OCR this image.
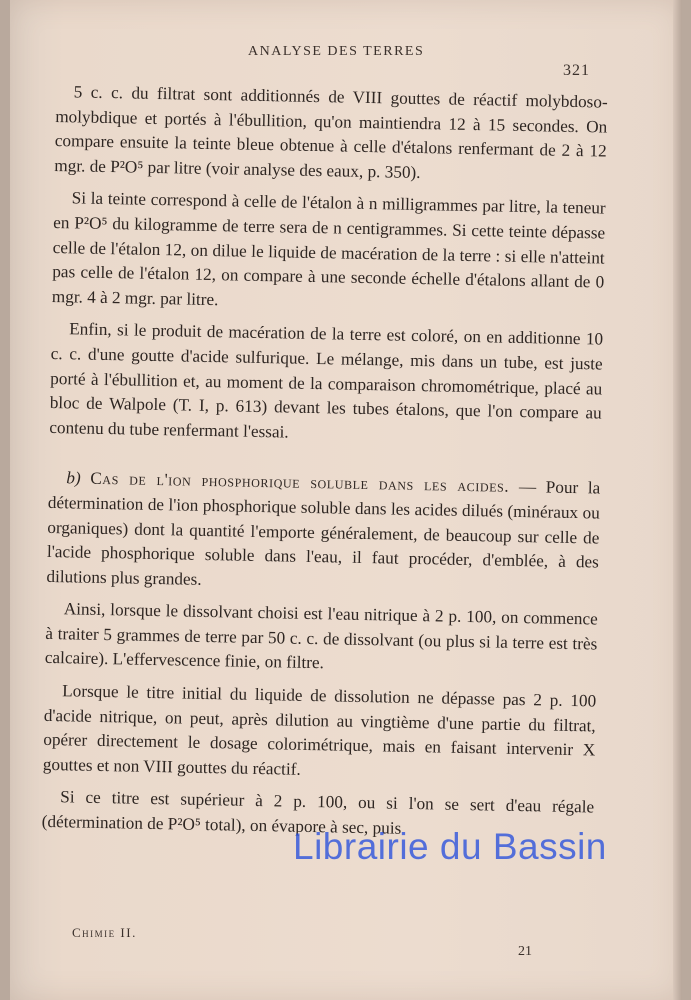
ANALYSE DES TERRES
321

5 c. c. du filtrat sont additionnés de VIII gouttes de réactif molybdoso-molybdique et portés à l'ébullition, qu'on maintiendra 12 à 15 secondes. On compare ensuite la teinte bleue obtenue à celle d'étalons renfermant de 2 à 12 mgr. de P²O⁵ par litre (voir analyse des eaux, p. 350).

Si la teinte correspond à celle de l'étalon à n milligrammes par litre, la teneur en P²O⁵ du kilogramme de terre sera de n centigrammes. Si cette teinte dépasse celle de l'étalon 12, on dilue le liquide de macération de la terre : si elle n'atteint pas celle de l'étalon 12, on compare à une seconde échelle d'étalons allant de 0 mgr. 4 à 2 mgr. par litre.

Enfin, si le produit de macération de la terre est coloré, on en additionne 10 c. c. d'une goutte d'acide sulfurique. Le mélange, mis dans un tube, est juste porté à l'ébullition et, au moment de la comparaison chromométrique, placé au bloc de Walpole (T. I, p. 613) devant les tubes étalons, que l'on compare au contenu du tube renfermant l'essai.

b) Cas de l'ion phosphorique soluble dans les acides. — Pour la détermination de l'ion phosphorique soluble dans les acides dilués (minéraux ou organiques) dont la quantité l'emporte généralement, de beaucoup sur celle de l'acide phosphorique soluble dans l'eau, il faut procéder, d'emblée, à des dilutions plus grandes.

Ainsi, lorsque le dissolvant choisi est l'eau nitrique à 2 p. 100, on commence à traiter 5 grammes de terre par 50 c. c. de dissolvant (ou plus si la terre est très calcaire). L'effervescence finie, on filtre.

Lorsque le titre initial du liquide de dissolution ne dépasse pas 2 p. 100 d'acide nitrique, on peut, après dilution au vingtième d'une partie du filtrat, opérer directement le dosage colorimétrique, mais en faisant intervenir X gouttes et non VIII gouttes du réactif.

Si ce titre est supérieur à 2 p. 100, ou si l'on se sert d'eau régale (détermination de P²O⁵ total), on évapore à sec, puis

Chimie II.
21
Librairie du Bassin
